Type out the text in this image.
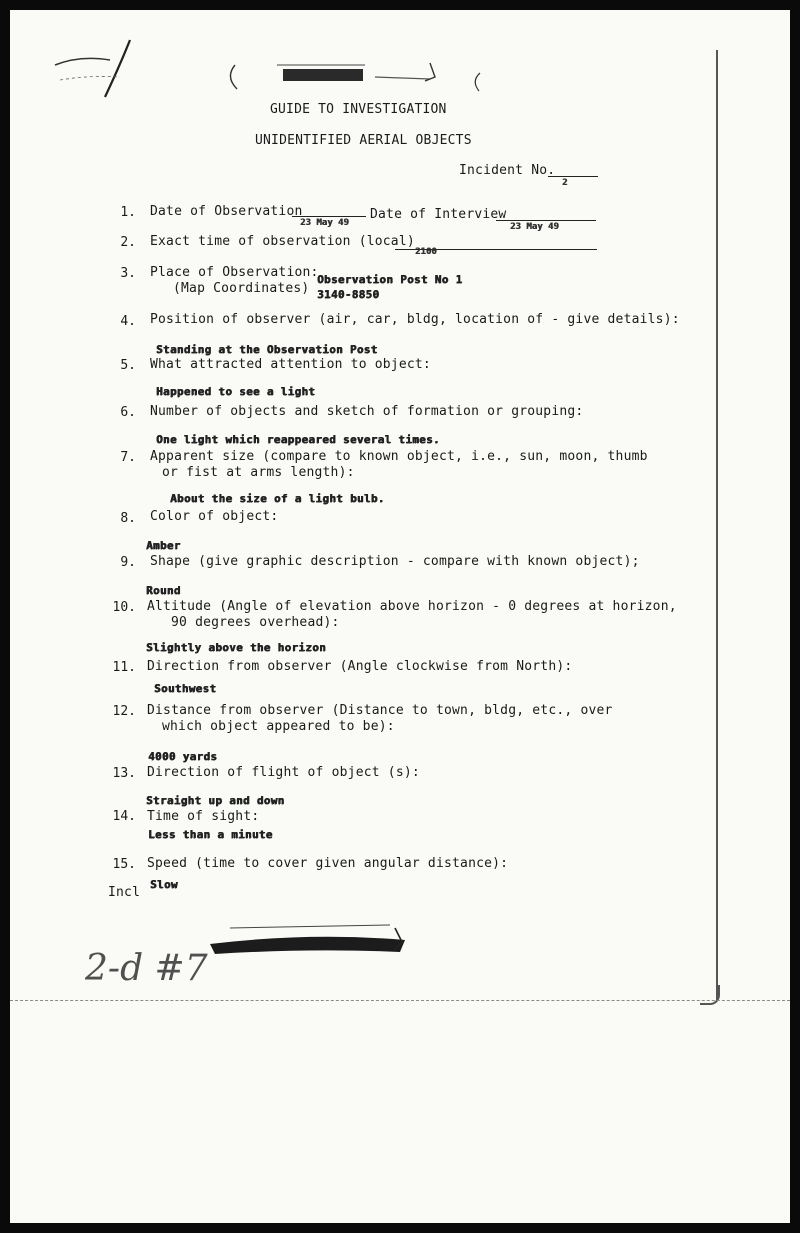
GUIDE TO INVESTIGATION
UNIDENTIFIED AERIAL OBJECTS
Incident No.
2
1. Date of Observation
23 May 49
Date of Interview
23 May 49
2. Exact time of observation (local)
2100
3. Place of Observation:
(Map Coordinates)
Observation Post No 1
3140-8850
4. Position of observer (air, car, bldg, location of - give details):
Standing at the Observation Post
5. What attracted attention to object:
Happened to see a light
6. Number of objects and sketch of formation or grouping:
One light which reappeared several times.
7. Apparent size (compare to known object, i.e., sun, moon, thumb
or fist at arms length):
About the size of a light bulb.
8. Color of object:
Amber
9. Shape (give graphic description - compare with known object);
Round
10. Altitude (Angle of elevation above horizon - 0 degrees at horizon,
90 degrees overhead):
Slightly above the horizon
11. Direction from observer (Angle clockwise from North):
Southwest
12. Distance from observer (Distance to town, bldg, etc., over
which object appeared to be):
4000 yards
13. Direction of flight of object (s):
Straight up and down
14. Time of sight:
Less than a minute
15. Speed (time to cover given angular distance):
Slow
Incl
2-d #7
